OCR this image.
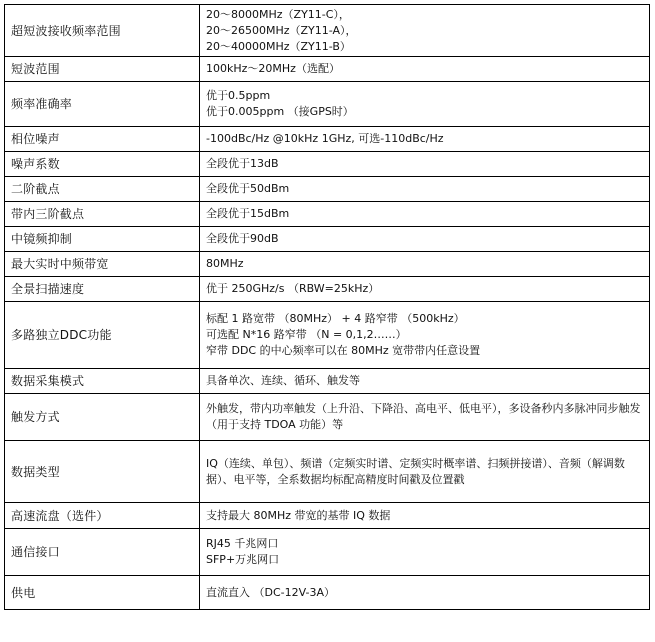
超短波接收频率范围	20～8000MHz（ZY11-C），
20～26500MHz（ZY11-A），
20～40000MHz（ZY11-B）

短波范围	100kHz～20MHz（选配）

频率准确率	优于0.5ppm
优于0.005ppm （接GPS时）

相位噪声	-100dBc/Hz @10kHz 1GHz, 可选-110dBc/Hz

噪声系数	全段优于13dB

二阶截点	全段优于50dBm

带内三阶截点	全段优于15dBm

中镜频抑制	全段优于90dB

最大实时中频带宽	80MHz

全景扫描速度	优于 250GHz/s （RBW=25kHz）

多路独立DDC功能	标配 1 路宽带 （80MHz） + 4 路窄带 （500kHz）
可选配 N*16 路窄带 （N = 0,1,2……）
窄带 DDC 的中心频率可以在 80MHz 宽带带内任意设置

数据采集模式	具备单次、连续、循环、触发等

触发方式	外触发，带内功率触发（上升沿、下降沿、高电平、低电平），多设备秒内多脉冲同步触发（用于支持 TDOA 功能）等

数据类型	IQ（连续、单包）、频谱（定频实时谱、定频实时概率谱、扫频拼接谱）、音频（解调数据）、电平等，全系数据均标配高精度时间戳及位置戳

高速流盘（选件）	支持最大 80MHz 带宽的基带 IQ 数据

通信接口	RJ45 千兆网口
SFP+万兆网口

供电	直流直入 （DC-12V-3A）
